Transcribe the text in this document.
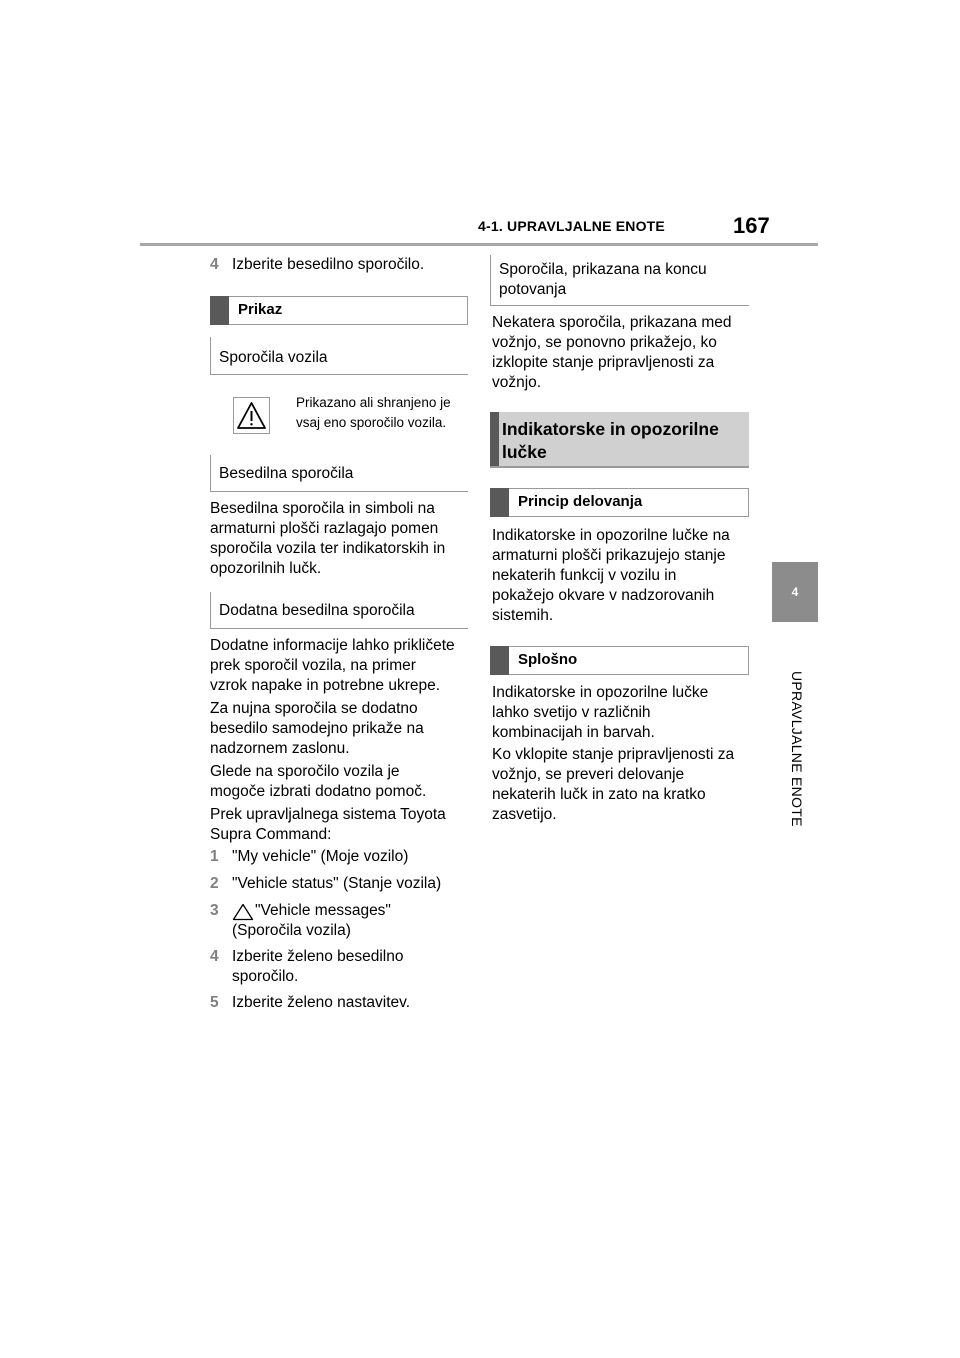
4-1. UPRAVLJALNE ENOTE	167
4
UPRAVLJALNE ENOTE
4 Izberite besedilno sporočilo.
Prikaz
Sporočila vozila
Prikazano ali shranjeno je
vsaj eno sporočilo vozila.
Besedilna sporočila
Besedilna sporočila in simboli na
armaturni plošči razlagajo pomen
sporočila vozila ter indikatorskih in
opozorilnih lučk.
Dodatna besedilna sporočila
Dodatne informacije lahko prikličete
prek sporočil vozila, na primer
vzrok napake in potrebne ukrepe.
Za nujna sporočila se dodatno
besedilo samodejno prikaže na
nadzornem zaslonu.
Glede na sporočilo vozila je
mogoče izbrati dodatno pomoč.
Prek upravljalnega sistema Toyota
Supra Command:
1 "My vehicle" (Moje vozilo)
2 "Vehicle status" (Stanje vozila)
3 "Vehicle messages"
(Sporočila vozila)
4 Izberite želeno besedilno
sporočilo.
5 Izberite želeno nastavitev.
Sporočila, prikazana na koncu
potovanja
Nekatera sporočila, prikazana med
vožnjo, se ponovno prikažejo, ko
izklopite stanje pripravljenosti za
vožnjo.
Indikatorske in opozorilne
lučke
Princip delovanja
Indikatorske in opozorilne lučke na
armaturni plošči prikazujejo stanje
nekaterih funkcij v vozilu in
pokažejo okvare v nadzorovanih
sistemih.
Splošno
Indikatorske in opozorilne lučke
lahko svetijo v različnih
kombinacijah in barvah.
Ko vklopite stanje pripravljenosti za
vožnjo, se preveri delovanje
nekaterih lučk in zato na kratko
zasvetijo.
